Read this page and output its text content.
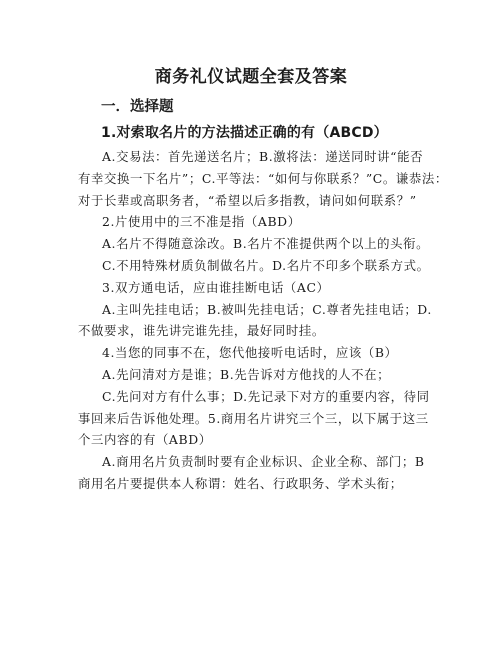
商务礼仪试题全套及答案
一．选择题
1.对索取名片的方法描述正确的有（ABCD）
A.交易法：首先递送名片；B.激将法：递送同时讲“能否
有幸交换一下名片”；C.平等法：“如何与你联系？”C。谦恭法：
对于长辈或高职务者，“希望以后多指教，请问如何联系？”
2.片使用中的三不准是指（ABD）
A.名片不得随意涂改。B.名片不准提供两个以上的头衔。
C.不用特殊材质负制做名片。D.名片不印多个联系方式。
3.双方通电话，应由谁挂断电话（AC）
A.主叫先挂电话；B.被叫先挂电话；C.尊者先挂电话；D.
不做要求，谁先讲完谁先挂，最好同时挂。
4.当您的同事不在，您代他接听电话时，应该（B）
A.先问清对方是谁；B.先告诉对方他找的人不在；
C.先问对方有什么事；D.先记录下对方的重要内容，待同
事回来后告诉他处理。5.商用名片讲究三个三，以下属于这三
个三内容的有（ABD）
A.商用名片负责制时要有企业标识、企业全称、部门；B
商用名片要提供本人称谓：姓名、行政职务、学术头衔；
